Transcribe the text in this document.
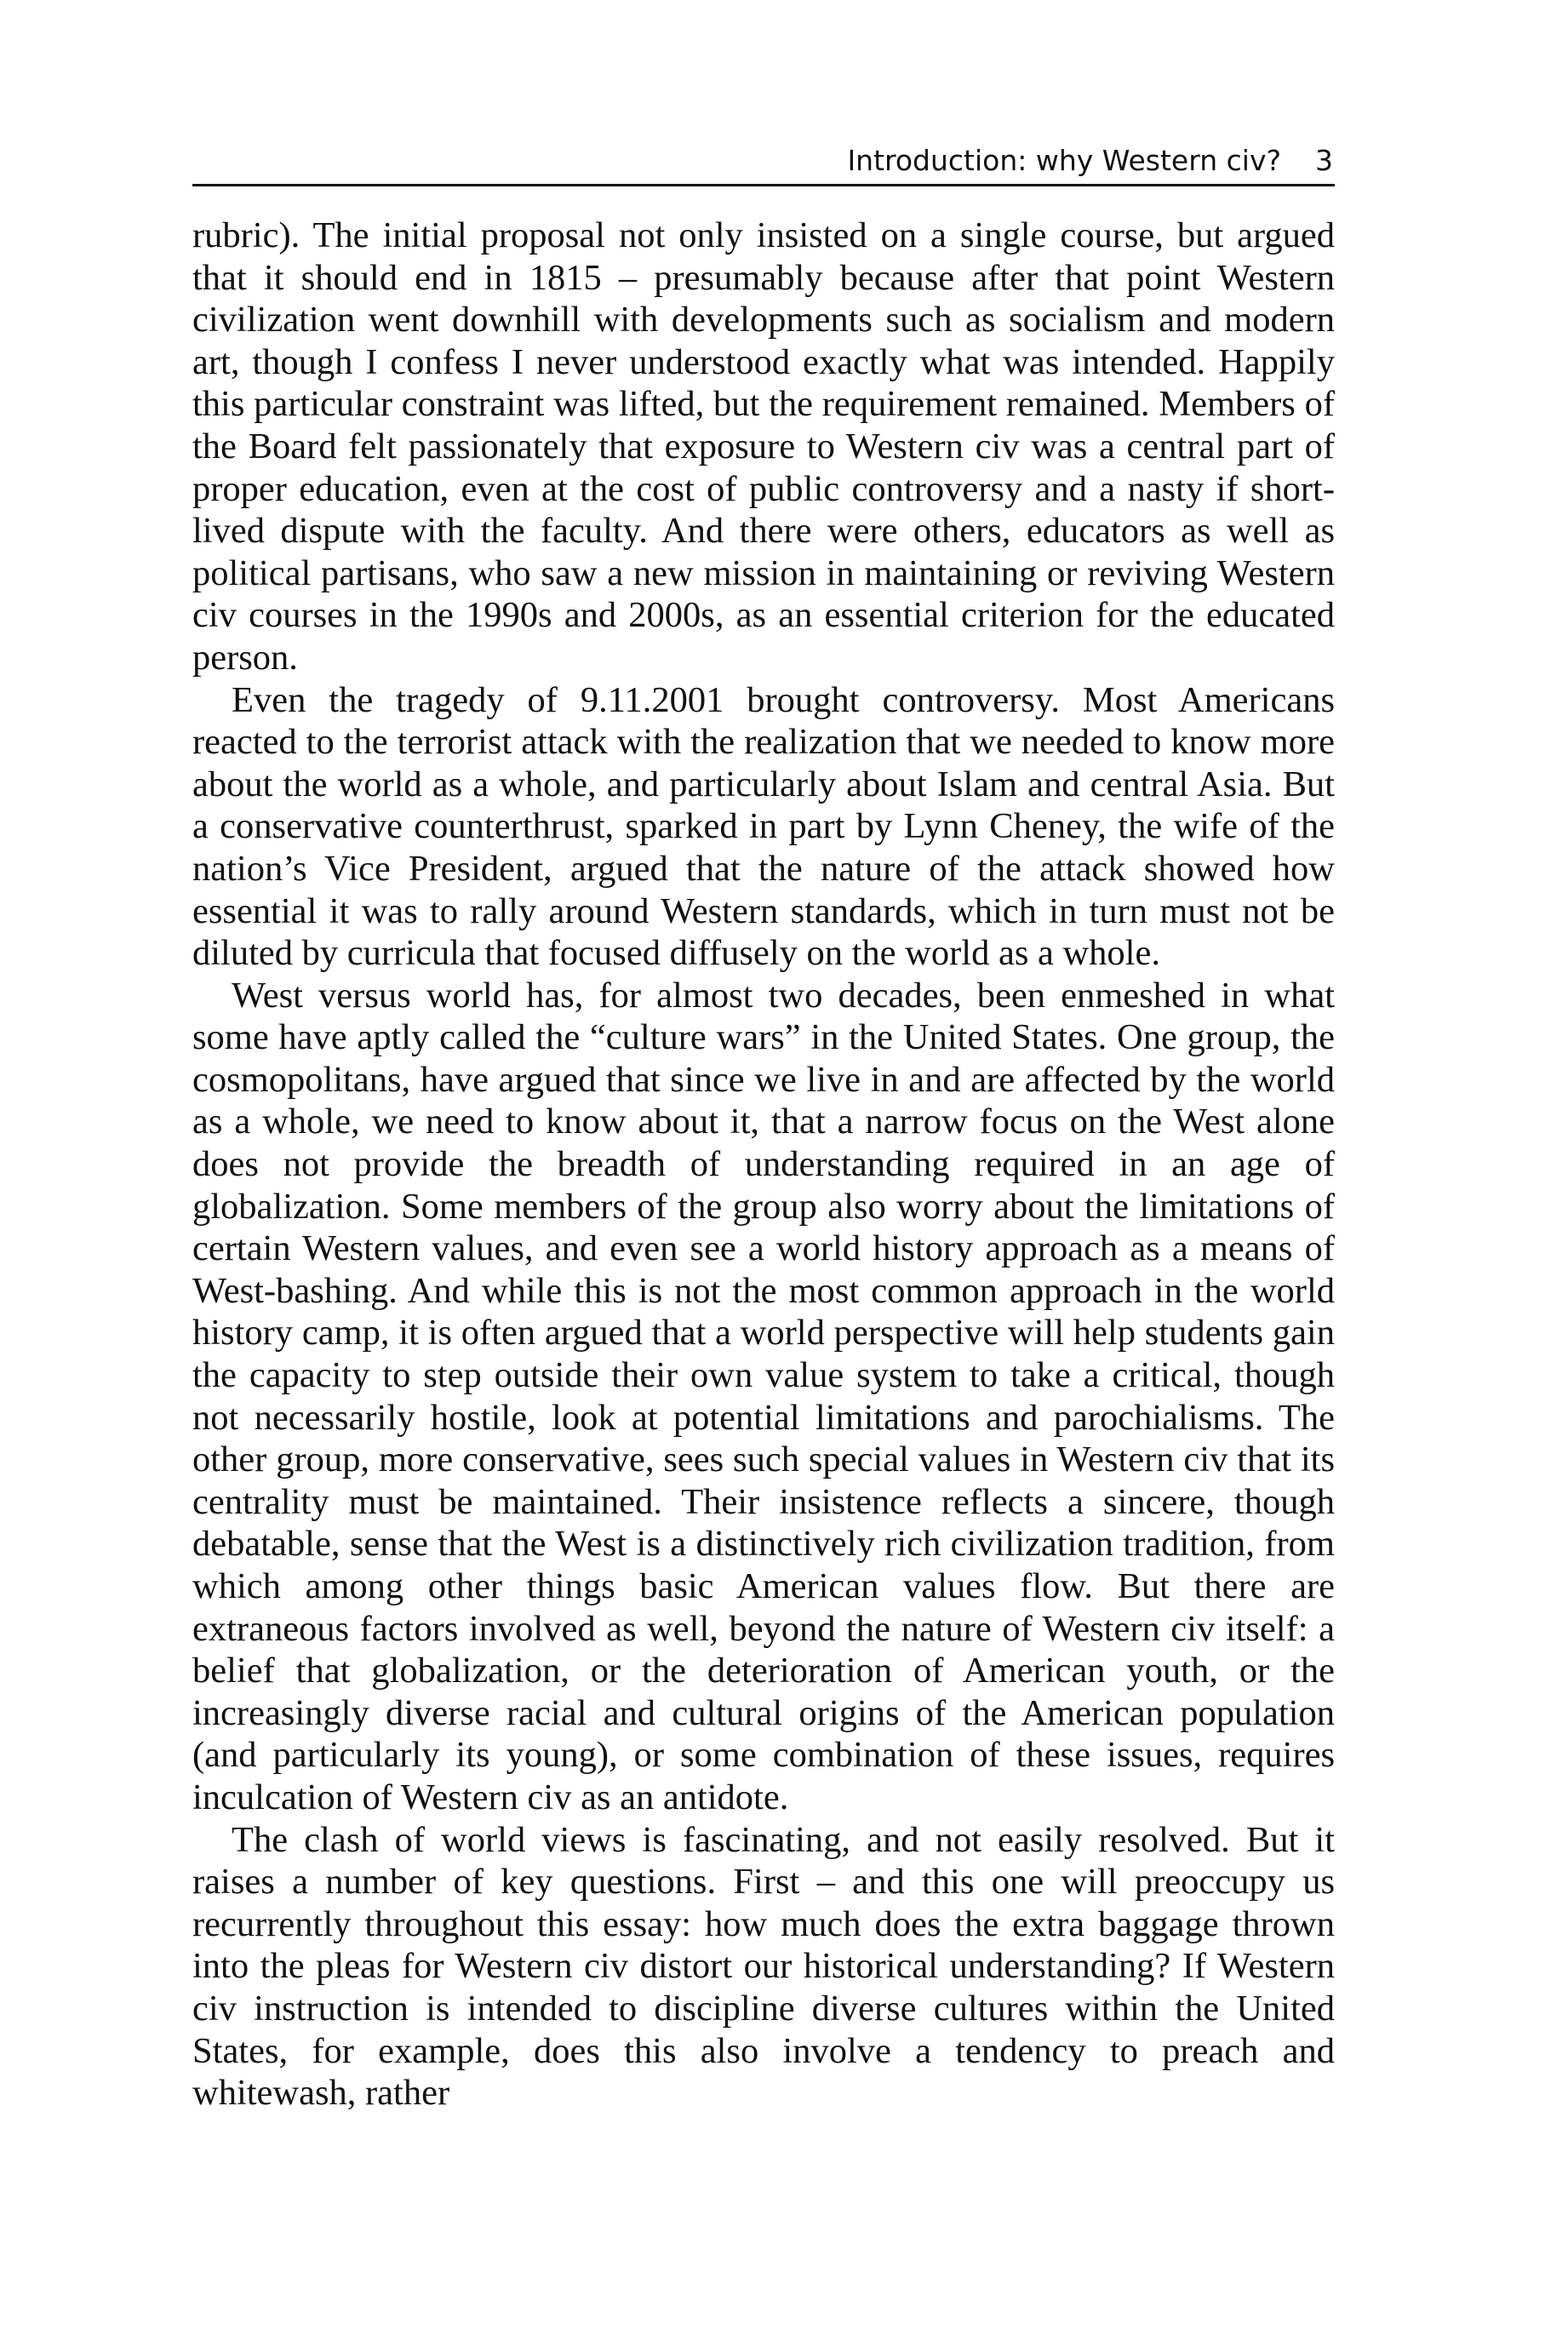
Introduction: why Western civ? 3

rubric). The initial proposal not only insisted on a single course, but argued that it should end in 1815 – presumably because after that point Western civilization went downhill with developments such as socialism and modern art, though I confess I never understood exactly what was intended. Happily this particular constraint was lifted, but the requirement remained. Members of the Board felt passionately that exposure to Western civ was a central part of proper education, even at the cost of public controversy and a nasty if short-lived dispute with the faculty. And there were others, educators as well as political partisans, who saw a new mission in maintaining or reviving Western civ courses in the 1990s and 2000s, as an essential criterion for the educated person.

Even the tragedy of 9.11.2001 brought controversy. Most Americans reacted to the terrorist attack with the realization that we needed to know more about the world as a whole, and particularly about Islam and central Asia. But a conservative counterthrust, sparked in part by Lynn Cheney, the wife of the nation’s Vice President, argued that the nature of the attack showed how essential it was to rally around Western standards, which in turn must not be diluted by curricula that focused diffusely on the world as a whole.

West versus world has, for almost two decades, been enmeshed in what some have aptly called the “culture wars” in the United States. One group, the cosmopolitans, have argued that since we live in and are affected by the world as a whole, we need to know about it, that a narrow focus on the West alone does not provide the breadth of understanding required in an age of globalization. Some members of the group also worry about the limitations of certain Western values, and even see a world history approach as a means of West-bashing. And while this is not the most common approach in the world history camp, it is often argued that a world perspective will help students gain the capacity to step outside their own value system to take a critical, though not necessarily hostile, look at potential limitations and parochialisms. The other group, more conservative, sees such special values in Western civ that its centrality must be maintained. Their insistence reflects a sincere, though debatable, sense that the West is a distinctively rich civilization tradition, from which among other things basic American values flow. But there are extraneous factors involved as well, beyond the nature of Western civ itself: a belief that globalization, or the deterioration of American youth, or the increasingly diverse racial and cultural origins of the American population (and particularly its young), or some combination of these issues, requires inculcation of Western civ as an antidote.

The clash of world views is fascinating, and not easily resolved. But it raises a number of key questions. First – and this one will preoccupy us recurrently throughout this essay: how much does the extra baggage thrown into the pleas for Western civ distort our historical understanding? If Western civ instruction is intended to discipline diverse cultures within the United States, for example, does this also involve a tendency to preach and whitewash, rather
